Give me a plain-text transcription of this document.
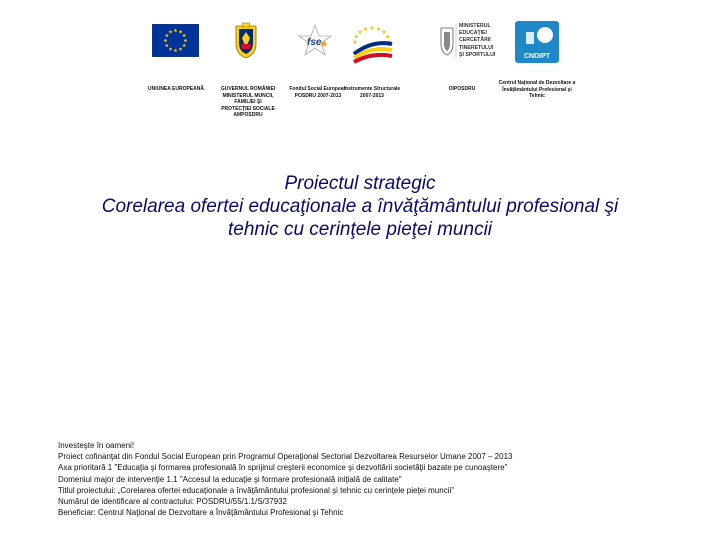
UNIUNEA EUROPEANĂ	GUVERNUL ROMÂNIEI
MINISTERUL MUNCII, FAMILIEI ŞI
PROTECŢIEI SOCIALE
AMPOSDRU
fse
Fondul Social European
POSDRU 2007-2013
Instrumente Structurale
2007-2013
MINISTERUL
EDUCAŢIEI
CERCETĂRII
TINERETULUI
ŞI SPORTULUI
OIPOSDRU
CNDIPT
Centrul Naţional de Dezvoltare a
Învăţământului Profesional şi
Tehnic
Proiectul strategic
Corelarea ofertei educaţionale a învăţământului profesional şi
tehnic cu cerinţele pieţei muncii
Investeşte în oameni!
Proiect cofinanţat din Fondul Social European prin Programul Operaţional Sectorial Dezvoltarea Resurselor Umane 2007 – 2013
Axa prioritară 1 "Educaţia şi formarea profesională în sprijinul creşterii economice şi dezvoltării societăţii bazate pe cunoaştere"
Domeniul major de intervenţie 1.1 "Accesul la educaţie şi formare profesională iniţială de calitate"
Titlul proiectului: „Corelarea ofertei educaţionale a învăţământului profesional şi tehnic cu cerinţele pieţei muncii"
Numărul de identificare al contractului: POSDRU/55/1.1/S/37932
Beneficiar: Centrul Naţional de Dezvoltare a Învăţământului Profesional şi Tehnic
